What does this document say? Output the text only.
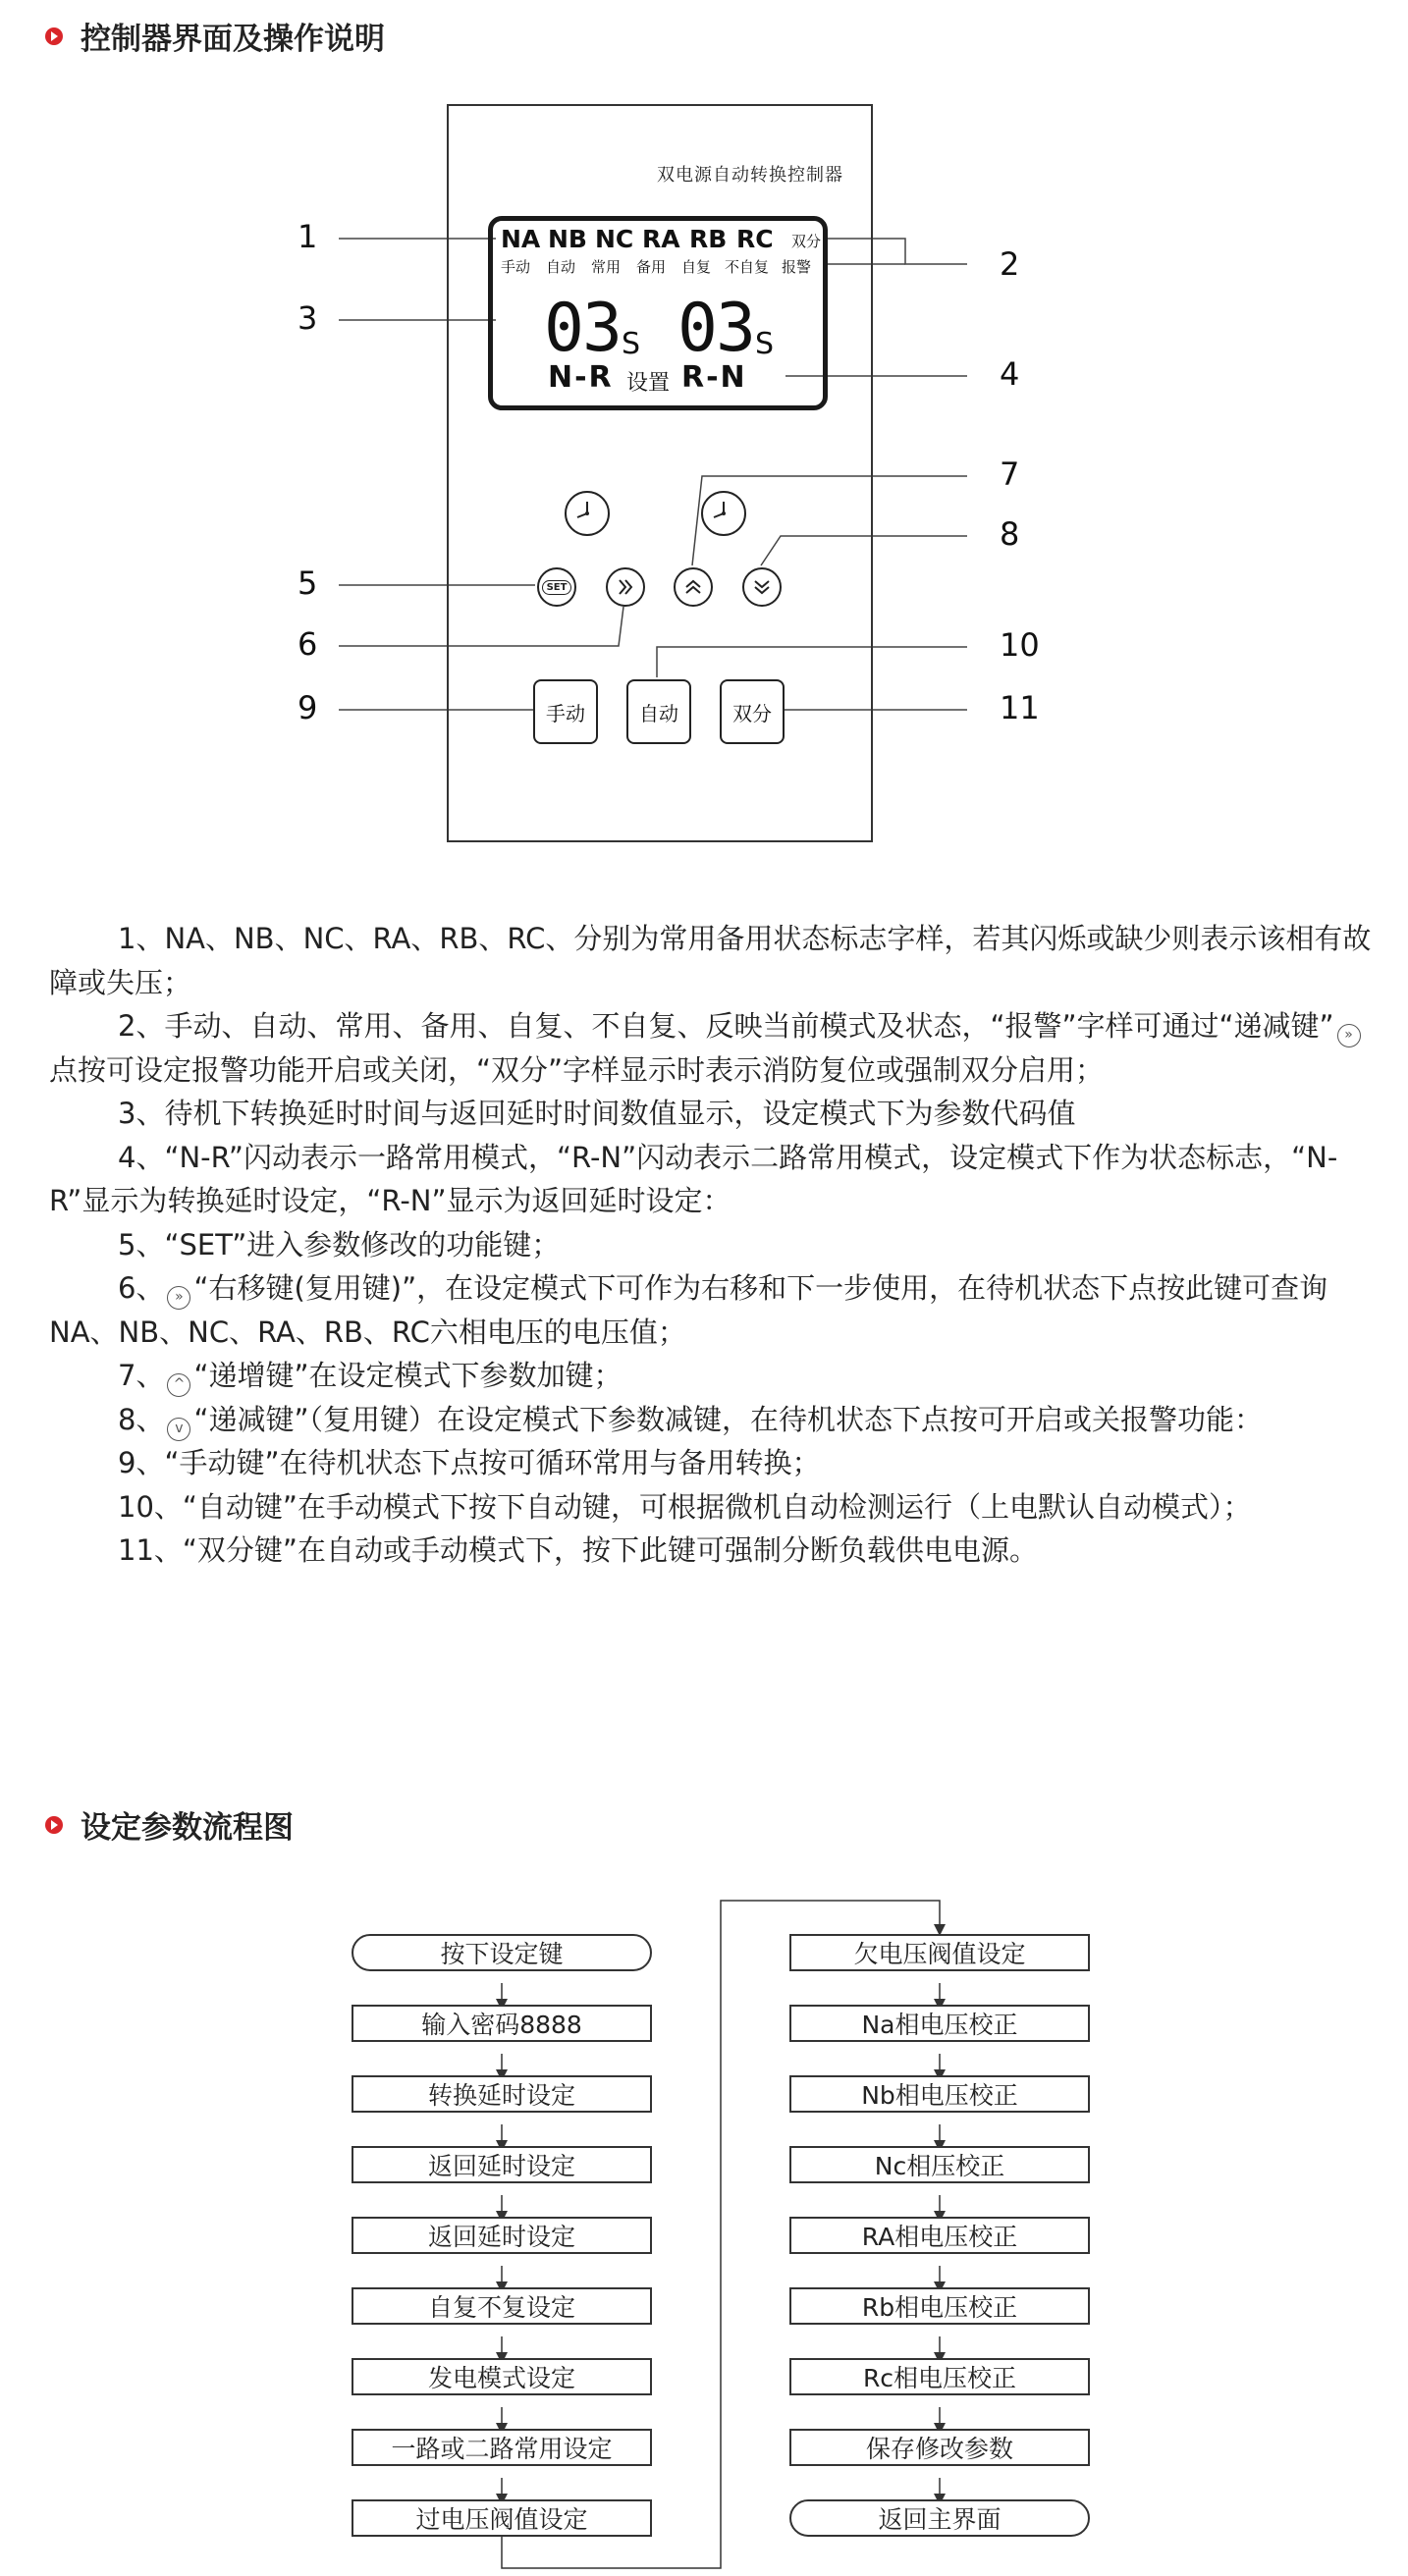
控制器界面及操作说明
1
2
3
4
5
6
7
8
9
10
11
双电源自动转换控制器
NA NB NC RA RB RC 双分
手动 自动 常用 备用 自复 不自复 报警
03 S 03 S
N-R 设置 R-N
SET
手动	自动	双分

1、NA、NB、NC、RA、RB、RC、分别为常用备用状态标志字样，若其闪烁或缺少则表示该相有故障或失压；

2、手动、自动、常用、备用、自复、不自复、反映当前模式及状态，“报警”字样可通过“递减键” »点按可设定报警功能开启或关闭，“双分”字样显示时表示消防复位或强制双分启用；

3、待机下转换延时时间与返回延时时间数值显示，设定模式下为参数代码值

4、“N-R”闪动表示一路常用模式，“R-N”闪动表示二路常用模式，设定模式下作为状态标志，“N-R”显示为转换延时设定，“R-N”显示为返回延时设定：

5、“SET”进入参数修改的功能键；

6、 » “右移键(复用键)”，在设定模式下可作为右移和下一步使用，在待机状态下点按此键可查询NA、NB、NC、RA、RB、RC六相电压的电压值；

7、 ^ “递增键”在设定模式下参数加键；

8、 v “递减键”（复用键）在设定模式下参数减键，在待机状态下点按可开启或关报警功能：

9、“手动键”在待机状态下点按可循环常用与备用转换；

10、“自动键”在手动模式下按下自动键，可根据微机自动检测运行（上电默认自动模式）；

11、“双分键”在自动或手动模式下，按下此键可强制分断负载供电电源。

设定参数流程图
按下设定键
输入密码8888
转换延时设定
返回延时设定
返回延时设定
自复不复设定
发电模式设定
一路或二路常用设定
过电压阀值设定
欠电压阀值设定
Na相电压校正
Nb相电压校正
Nc相压校正
RA相电压校正
Rb相电压校正
Rc相电压校正
保存修改参数
返回主界面
